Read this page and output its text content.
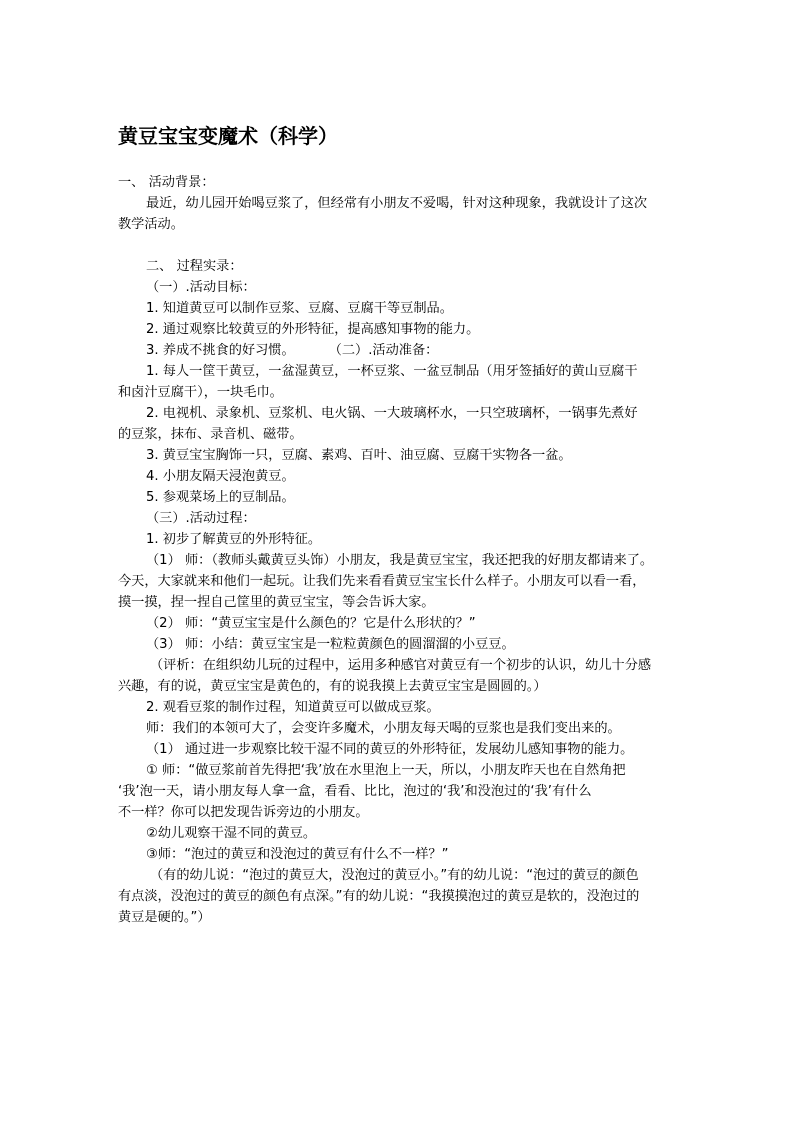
黄豆宝宝变魔术（科学）
一、 活动背景：
最近，幼儿园开始喝豆浆了，但经常有小朋友不爱喝，针对这种现象，我就设计了这次
教学活动。
二、 过程实录：
（一）.活动目标：
1. 知道黄豆可以制作豆浆、豆腐、豆腐干等豆制品。
2. 通过观察比较黄豆的外形特征，提高感知事物的能力。
3. 养成不挑食的好习惯。	（二）.活动准备：
1. 每人一筐干黄豆，一盆湿黄豆，一杯豆浆、一盆豆制品（用牙签插好的黄山豆腐干
和卤汁豆腐干），一块毛巾。
2. 电视机、录象机、豆浆机、电火锅、一大玻璃杯水，一只空玻璃杯，一锅事先煮好
的豆浆，抹布、录音机、磁带。
3. 黄豆宝宝胸饰一只，豆腐、素鸡、百叶、油豆腐、豆腐干实物各一盆。
4. 小朋友隔天浸泡黄豆。
5. 参观菜场上的豆制品。
（三）.活动过程：
1. 初步了解黄豆的外形特征。
（1） 师：（教师头戴黄豆头饰）小朋友，我是黄豆宝宝，我还把我的好朋友都请来了。
今天，大家就来和他们一起玩。让我们先来看看黄豆宝宝长什么样子。小朋友可以看一看，
摸一摸，捏一捏自己筐里的黄豆宝宝，等会告诉大家。
（2） 师：“黄豆宝宝是什么颜色的？它是什么形状的？”
（3） 师：小结：黄豆宝宝是一粒粒黄颜色的圆溜溜的小豆豆。
（评析：在组织幼儿玩的过程中，运用多种感官对黄豆有一个初步的认识，幼儿十分感
兴趣，有的说，黄豆宝宝是黄色的，有的说我摸上去黄豆宝宝是圆圆的。）
2. 观看豆浆的制作过程，知道黄豆可以做成豆浆。
师：我们的本领可大了，会变许多魔术，小朋友每天喝的豆浆也是我们变出来的。
（1） 通过进一步观察比较干湿不同的黄豆的外形特征，发展幼儿感知事物的能力。
① 师：“做豆浆前首先得把‘我’放在水里泡上一天，所以，小朋友昨天也在自然角把
‘我’泡一天，请小朋友每人拿一盒，看看、比比，泡过的‘我’和没泡过的‘我’有什么
不一样？你可以把发现告诉旁边的小朋友。
②幼儿观察干湿不同的黄豆。
③师：“泡过的黄豆和没泡过的黄豆有什么不一样？”
（有的幼儿说：“泡过的黄豆大，没泡过的黄豆小。”有的幼儿说：“泡过的黄豆的颜色
有点淡，没泡过的黄豆的颜色有点深。”有的幼儿说：“我摸摸泡过的黄豆是软的，没泡过的
黄豆是硬的。”）
